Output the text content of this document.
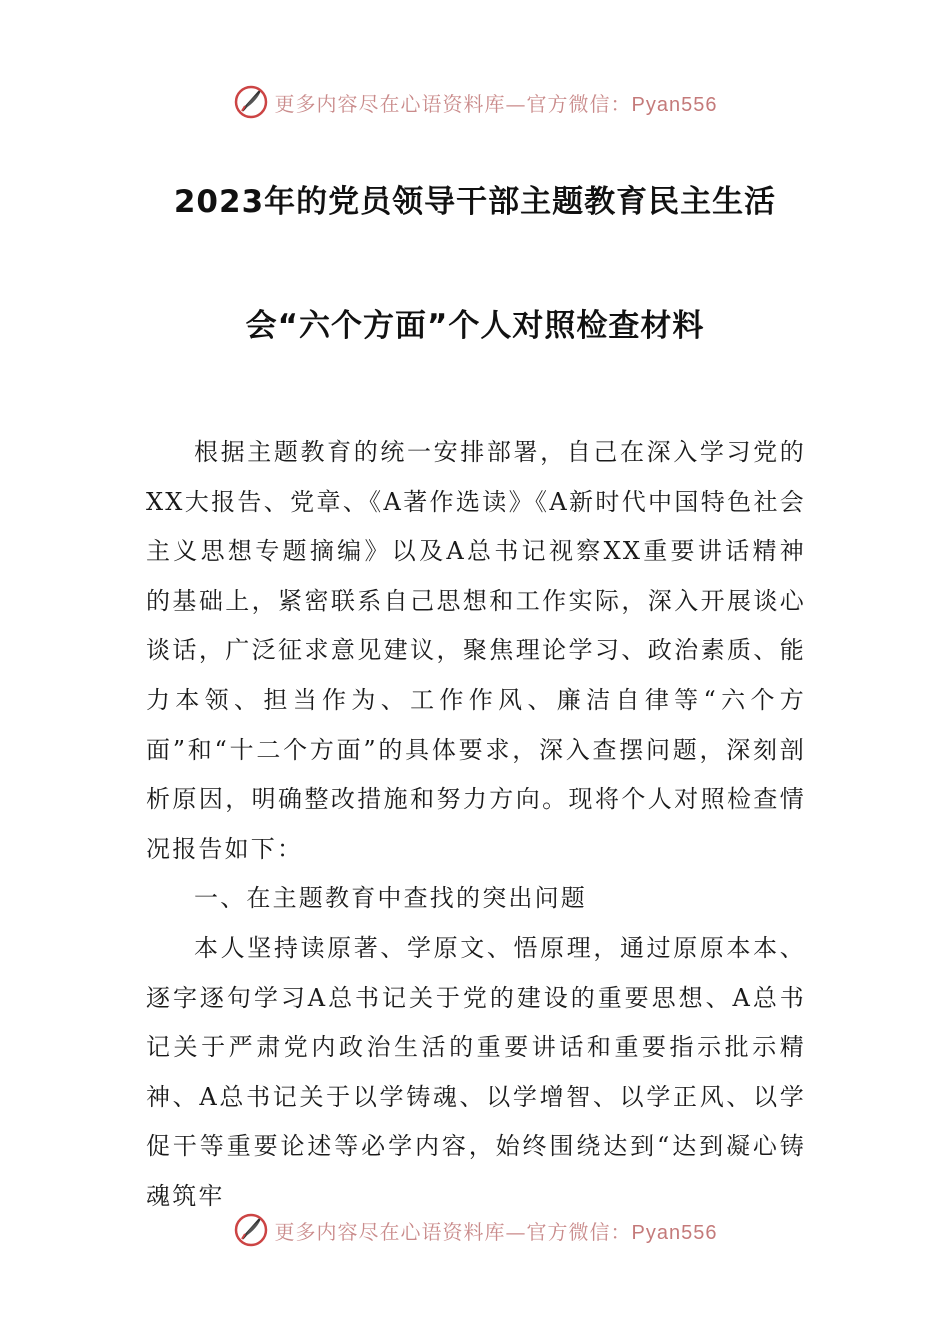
更多内容尽在心语资料库—官方微信：Pyan556
2023年的党员领导干部主题教育民主生活
会“六个方面”个人对照检查材料

根据主题教育的统一安排部署，自己在深入学习党的XX大报告、党章、《A著作选读》《A新时代中国特色社会主义思想专题摘编》以及A总书记视察XX重要讲话精神的基础上，紧密联系自己思想和工作实际，深入开展谈心谈话，广泛征求意见建议，聚焦理论学习、政治素质、能力本领、担当作为、工作作风、廉洁自律等“六个方面”和“十二个方面”的具体要求，深入查摆问题，深刻剖析原因，明确整改措施和努力方向。现将个人对照检查情况报告如下：

一、在主题教育中查找的突出问题

本人坚持读原著、学原文、悟原理，通过原原本本、逐字逐句学习A总书记关于党的建设的重要思想、A总书记关于严肃党内政治生活的重要讲话和重要指示批示精神、A总书记关于以学铸魂、以学增智、以学正风、以学促干等重要论述等必学内容，始终围绕达到“达到凝心铸魂筑牢

更多内容尽在心语资料库—官方微信：Pyan556
